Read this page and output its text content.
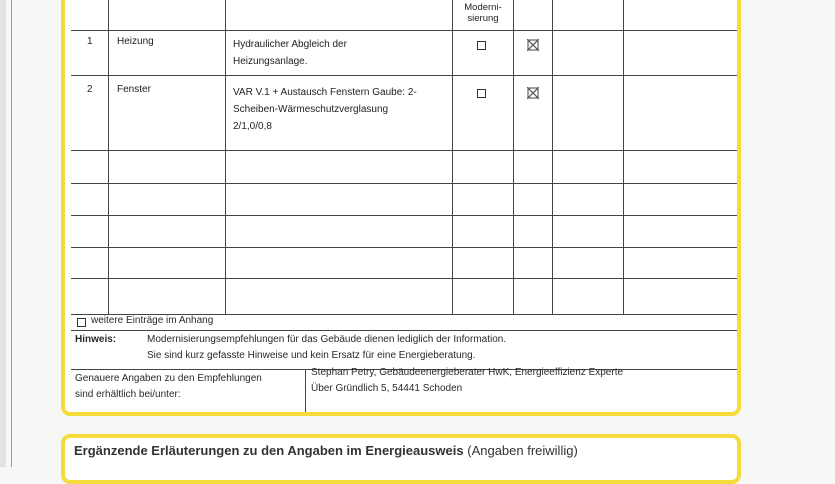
Moderni-
sierung
1 Heizung	Hydraulicher Abgleich der
Heizungsanlage.
2 Fenster	VAR V.1 + Austausch Fenstern Gaube: 2-
Scheiben-Wärmeschutzverglasung
2/1,0/0,8
weitere Einträge im Anhang
Hinweis:	Modernisierungsempfehlungen für das Gebäude dienen lediglich der Information.
Sie sind kurz gefasste Hinweise und kein Ersatz für eine Energieberatung.
Genauere Angaben zu den Empfehlungen
sind erhältlich bei/unter:
Stephan Petry, Gebäudeenergieberater HwK, Energieeffizienz Experte
Über Gründlich 5, 54441 Schoden
Ergänzende Erläuterungen zu den Angaben im Energieausweis (Angaben freiwillig)
